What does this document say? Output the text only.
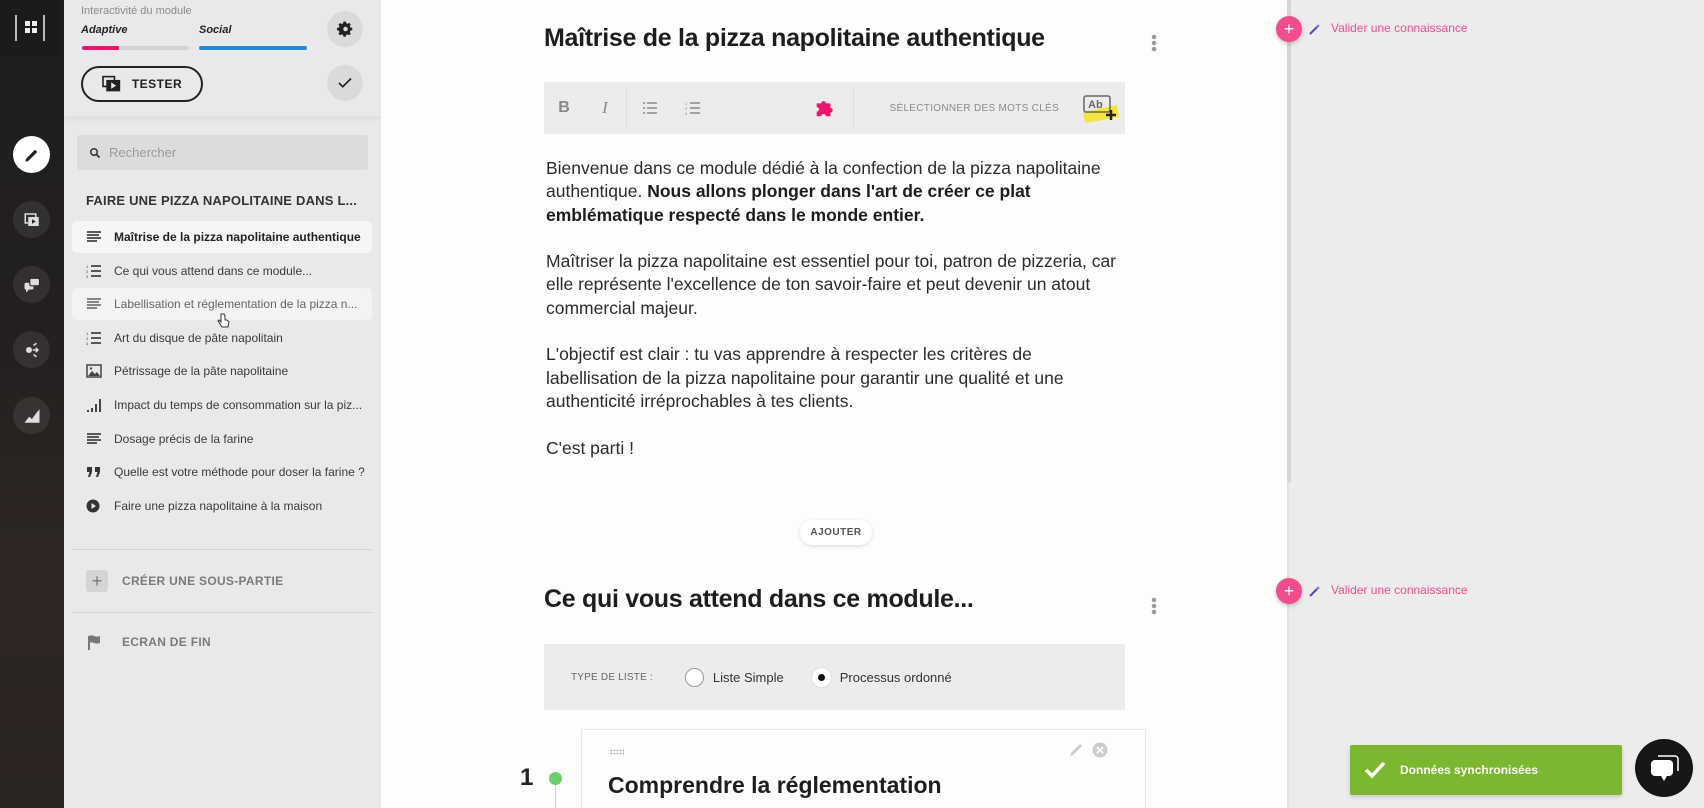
Interactivité du module
Adaptive	Social
TESTER
Rechercher
FAIRE UNE PIZZA NAPOLITAINE DANS L...
Maîtrise de la pizza napolitaine authentique
1
2
3 Ce qui vous attend dans ce module...
Labellisation et réglementation de la pizza n...
1
2
3 Art du disque de pâte napolitain
Pétrissage de la pâte napolitaine
Impact du temps de consommation sur la piz...
Dosage précis de la farine
Quelle est votre méthode pour doser la farine ?
Faire une pizza napolitaine à la maison
+	CRÉER UNE SOUS-PARTIE
ECRAN DE FIN
Maîtrise de la pizza napolitaine authentique
B	I	1
2
3	SÉLECTIONNER DES MOTS CLÉS	Ab

Bienvenue dans ce module dédié à la confection de la pizza napolitaine authentique. Nous allons plonger dans l'art de créer ce plat emblématique respecté dans le monde entier.

Maîtriser la pizza napolitaine est essentiel pour toi, patron de pizzeria, car elle représente l'excellence de ton savoir-faire et peut devenir un atout commercial majeur.

L'objectif est clair : tu vas apprendre à respecter les critères de labellisation de la pizza napolitaine pour garantir une qualité et une authenticité irréprochables à tes clients.

C'est parti !

AJOUTER
Ce qui vous attend dans ce module...
TYPE DE LISTE :	Liste Simple	Processus ordonné
1	Comprendre la réglementation
+	Valider une connaissance
+	Valider une connaissance
Données synchronisées
